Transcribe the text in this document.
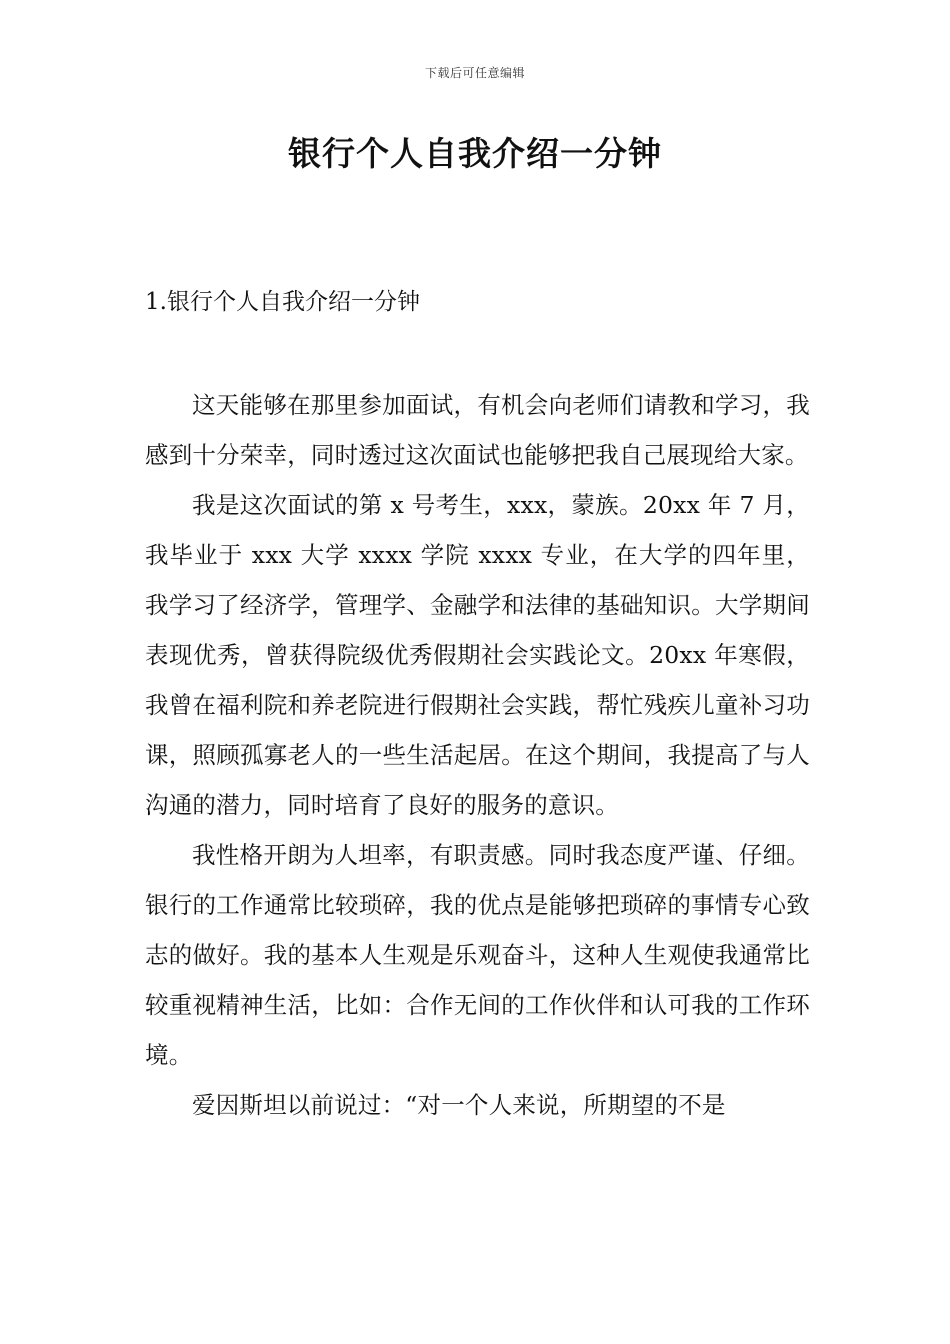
下载后可任意编辑
银行个人自我介绍一分钟
1.银行个人自我介绍一分钟

这天能够在那里参加面试，有机会向老师们请教和学习，我感到十分荣幸，同时透过这次面试也能够把我自己展现给大家。

我是这次面试的第 x 号考生，xxx，蒙族。20xx 年 7 月，我毕业于 xxx 大学 xxxx 学院 xxxx 专业，在大学的四年里，我学习了经济学，管理学、金融学和法律的基础知识。大学期间表现优秀，曾获得院级优秀假期社会实践论文。20xx 年寒假，我曾在福利院和养老院进行假期社会实践，帮忙残疾儿童补习功课，照顾孤寡老人的一些生活起居。在这个期间，我提高了与人沟通的潜力，同时培育了良好的服务的意识。

我性格开朗为人坦率，有职责感。同时我态度严谨、仔细。银行的工作通常比较琐碎，我的优点是能够把琐碎的事情专心致志的做好。我的基本人生观是乐观奋斗，这种人生观使我通常比较重视精神生活，比如：合作无间的工作伙伴和认可我的工作环境。

爱因斯坦以前说过：“对一个人来说，所期望的不是
